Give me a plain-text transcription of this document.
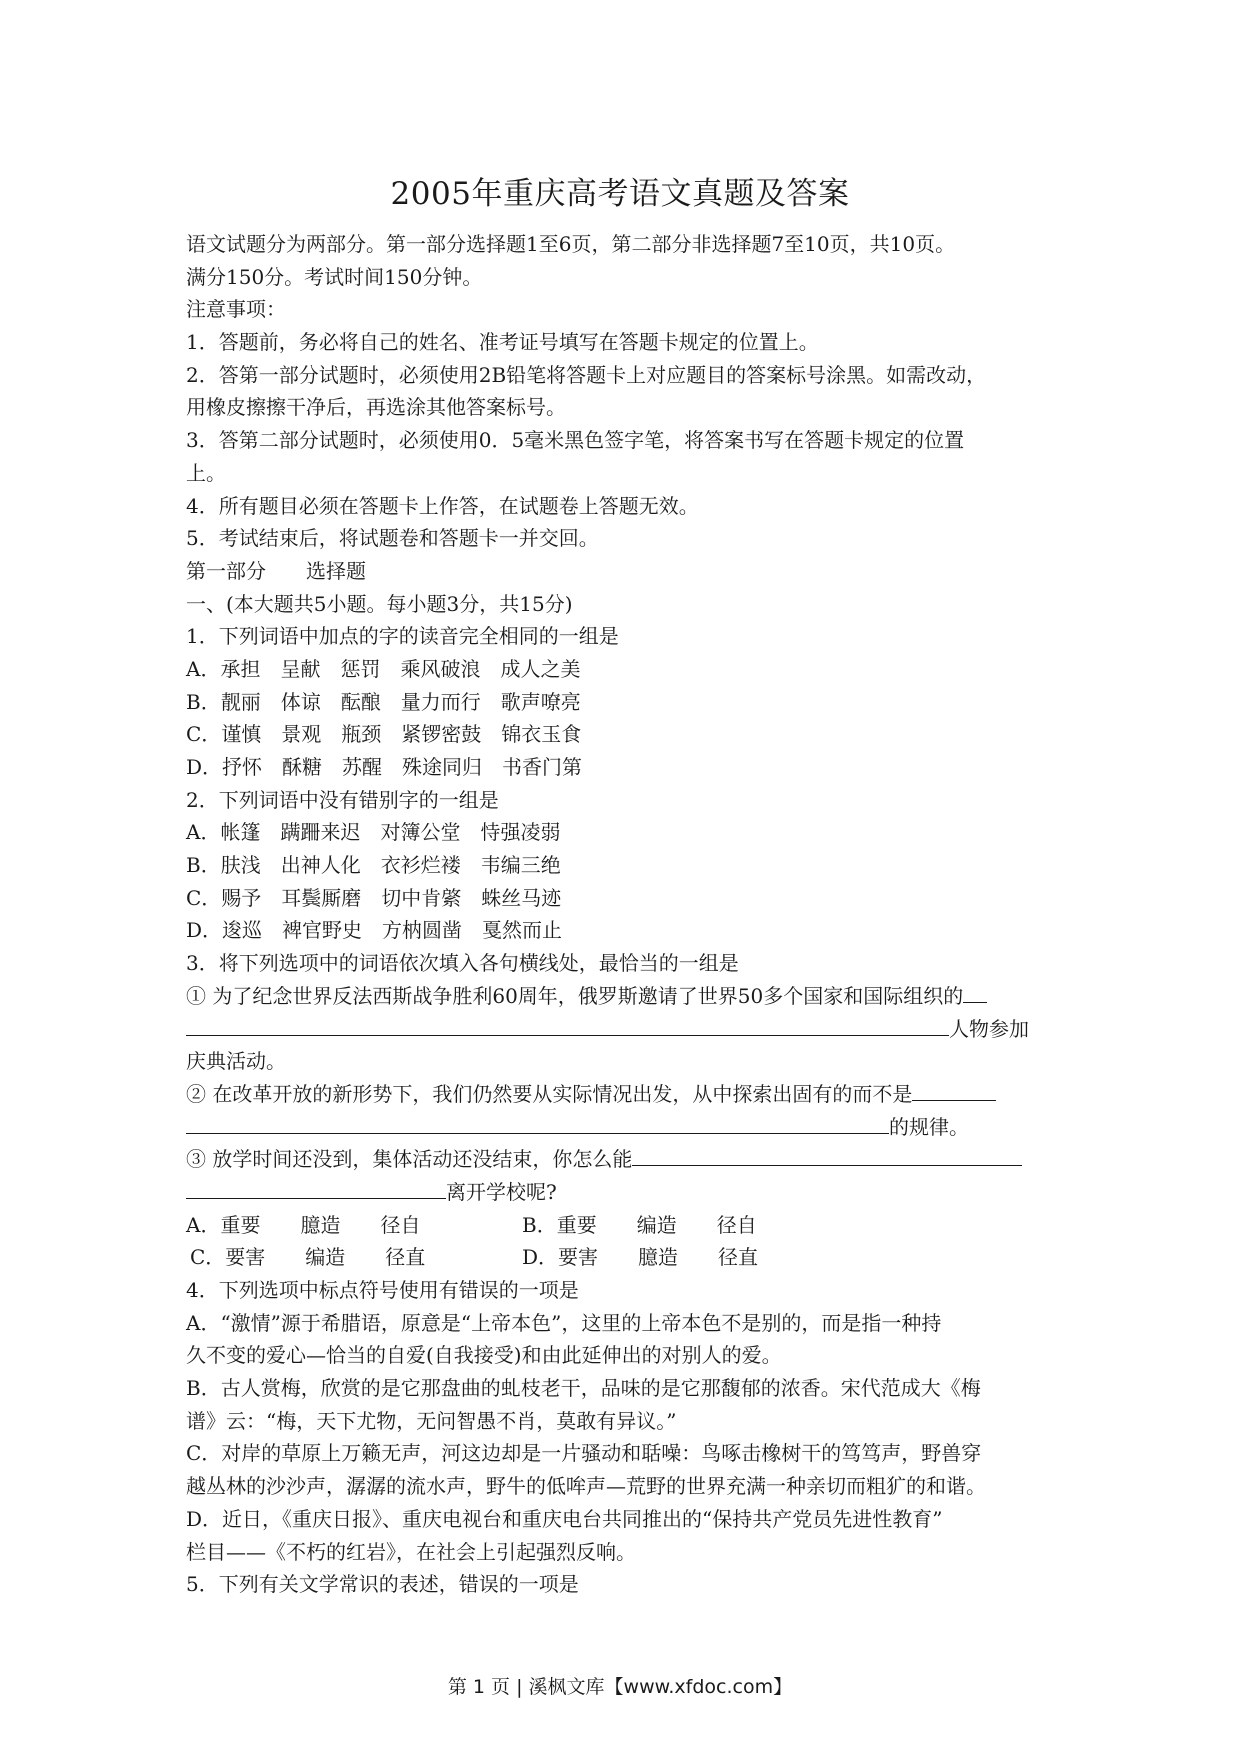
2005年重庆高考语文真题及答案
语文试题分为两部分。第一部分选择题1至6页，第二部分非选择题7至10页，共10页。
满分150分。考试时间150分钟。
注意事项：
1．答题前，务必将自己的姓名、准考证号填写在答题卡规定的位置上。
2．答第一部分试题时，必须使用2B铅笔将答题卡上对应题目的答案标号涂黑。如需改动，
用橡皮擦擦干净后，再选涂其他答案标号。
3．答第二部分试题时，必须使用0．5毫米黑色签字笔，将答案书写在答题卡规定的位置
上。
4．所有题目必须在答题卡上作答，在试题卷上答题无效。
5．考试结束后，将试题卷和答题卡一并交回。
第一部分　　选择题
一、(本大题共5小题。每小题3分，共15分)
1．下列词语中加点的字的读音完全相同的一组是
A．承担　呈献　惩罚　乘风破浪　成人之美
B．靓丽　体谅　酝酿　量力而行　歌声嘹亮
C．谨慎　景观　瓶颈　紧锣密鼓　锦衣玉食
D．抒怀　酥糖　苏醒　殊途同归　书香门第
2．下列词语中没有错别字的一组是
A．帐篷　蹒跚来迟　对簿公堂　恃强凌弱
B．肤浅　出神人化　衣衫烂褛　韦编三绝
C．赐予　耳鬓厮磨　切中肯綮　蛛丝马迹
D．逡巡　裨官野史　方枘圆凿　戛然而止
3．将下列选项中的词语依次填入各句横线处，最恰当的一组是
① 为了纪念世界反法西斯战争胜利60周年，俄罗斯邀请了世界50多个国家和国际组织的
人物参加
庆典活动。
② 在改革开放的新形势下，我们仍然要从实际情况出发，从中探索出固有的而不是
的规律。
③ 放学时间还没到，集体活动还没结束，你怎么能
离开学校呢?
A．重要　　臆造　　径自	B．重要　　编造　　径自
C．要害　　编造　　径直	D．要害　　臆造　　径直
4．下列选项中标点符号使用有错误的一项是
A．“激情”源于希腊语，原意是“上帝本色”，这里的上帝本色不是别的，而是指一种持
久不变的爱心—恰当的自爱(自我接受)和由此延伸出的对别人的爱。
B．古人赏梅，欣赏的是它那盘曲的虬枝老干，品味的是它那馥郁的浓香。宋代范成大《梅
谱》云：“梅，天下尤物，无问智愚不肖，莫敢有异议。”
C．对岸的草原上万籁无声，河这边却是一片骚动和聒噪：鸟啄击橡树干的笃笃声，野兽穿
越丛林的沙沙声，潺潺的流水声，野牛的低哞声—荒野的世界充满一种亲切而粗犷的和谐。
D．近日，《重庆日报》、重庆电视台和重庆电台共同推出的“保持共产党员先进性教育”
栏目——《不朽的红岩》，在社会上引起强烈反响。
5．下列有关文学常识的表述，错误的一项是
第 1 页 | 溪枫文库【www.xfdoc.com】
